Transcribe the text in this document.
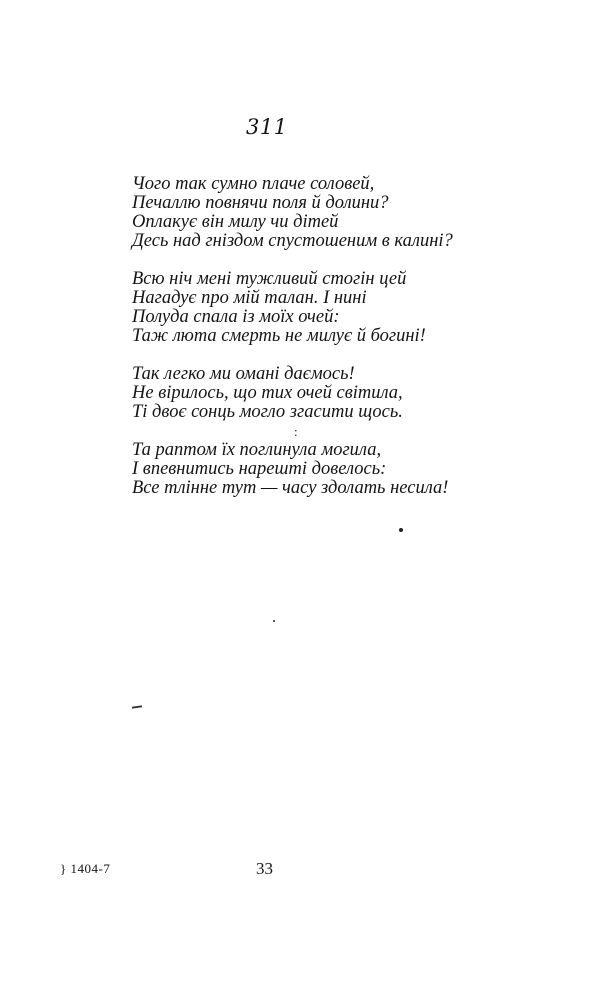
311
Чого так сумно плаче соловей,
Печаллю повнячи поля й долини?
Оплакує він милу чи дітей
Десь над гніздом спустошеним в калині?
Всю ніч мені тужливий стогін цей
Нагадує про мій талан. І нині
Полуда спала із моїх очей:
Таж люта смерть не милує й богині!
Так легко ми омані даємось!
Не вірилось, що тих очей світила,
Ті двоє сонць могло згасити щось.
Та раптом їх поглинула могила,
І впевнитись нарешті довелось:
Все тлінне тут — часу здолать несила!
:
} 1404-7	33
